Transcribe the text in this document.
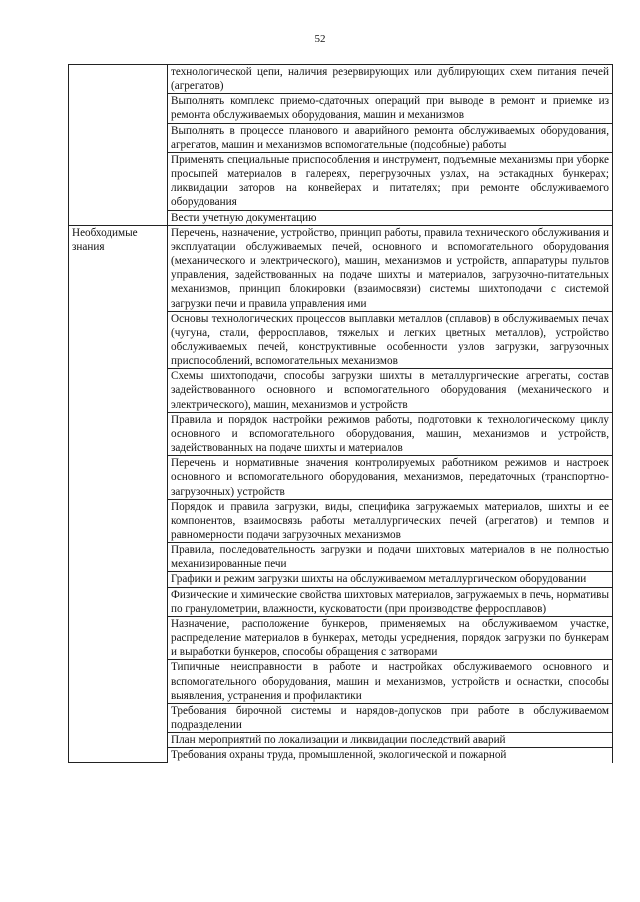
52
	технологической цепи, наличия резервирующих или дублирующих схем питания печей (агрегатов)
	Выполнять комплекс приемо-сдаточных операций при выводе в ремонт и приемке из ремонта обслуживаемых оборудования, машин и механизмов
	Выполнять в процессе планового и аварийного ремонта обслуживаемых оборудования, агрегатов, машин и механизмов вспомогательные (подсобные) работы
	Применять специальные приспособления и инструмент, подъемные механизмы при уборке просыпей материалов в галереях, перегрузочных узлах, на эстакадных бункерах; ликвидации заторов на конвейерах и питателях; при ремонте обслуживаемого оборудования
	Вести учетную документацию
Необходимые знания	Перечень, назначение, устройство, принцип работы, правила технического обслуживания и эксплуатации обслуживаемых печей, основного и вспомогательного оборудования (механического и электрического), машин, механизмов и устройств, аппаратуры пультов управления, задействованных на подаче шихты и материалов, загрузочно-питательных механизмов, принцип блокировки (взаимосвязи) системы шихтоподачи с системой загрузки печи и правила управления ими
	Основы технологических процессов выплавки металлов (сплавов) в обслуживаемых печах (чугуна, стали, ферросплавов, тяжелых и легких цветных металлов), устройство обслуживаемых печей, конструктивные особенности узлов загрузки, загрузочных приспособлений, вспомогательных механизмов
	Схемы шихтоподачи, способы загрузки шихты в металлургические агрегаты, состав задействованного основного и вспомогательного оборудования (механического и электрического), машин, механизмов и устройств
	Правила и порядок настройки режимов работы, подготовки к технологическому циклу основного и вспомогательного оборудования, машин, механизмов и устройств, задействованных на подаче шихты и материалов
	Перечень и нормативные значения контролируемых работником режимов и настроек основного и вспомогательного оборудования, механизмов, передаточных (транспортно-загрузочных) устройств
	Порядок и правила загрузки, виды, специфика загружаемых материалов, шихты и ее компонентов, взаимосвязь работы металлургических печей (агрегатов) и темпов и равномерности подачи загрузочных механизмов
	Правила, последовательность загрузки и подачи шихтовых материалов в не полностью механизированные печи
	Графики и режим загрузки шихты на обслуживаемом металлургическом оборудовании
	Физические и химические свойства шихтовых материалов, загружаемых в печь, нормативы по гранулометрии, влажности, кусковатости (при производстве ферросплавов)
	Назначение, расположение бункеров, применяемых на обслуживаемом участке, распределение материалов в бункерах, методы усреднения, порядок загрузки по бункерам и выработки бункеров, способы обращения с затворами
	Типичные неисправности в работе и настройках обслуживаемого основного и вспомогательного оборудования, машин и механизмов, устройств и оснастки, способы выявления, устранения и профилактики
	Требования бирочной системы и нарядов-допусков при работе в обслуживаемом подразделении
	План мероприятий по локализации и ликвидации последствий аварий
	Требования охраны труда, промышленной, экологической и пожарной
